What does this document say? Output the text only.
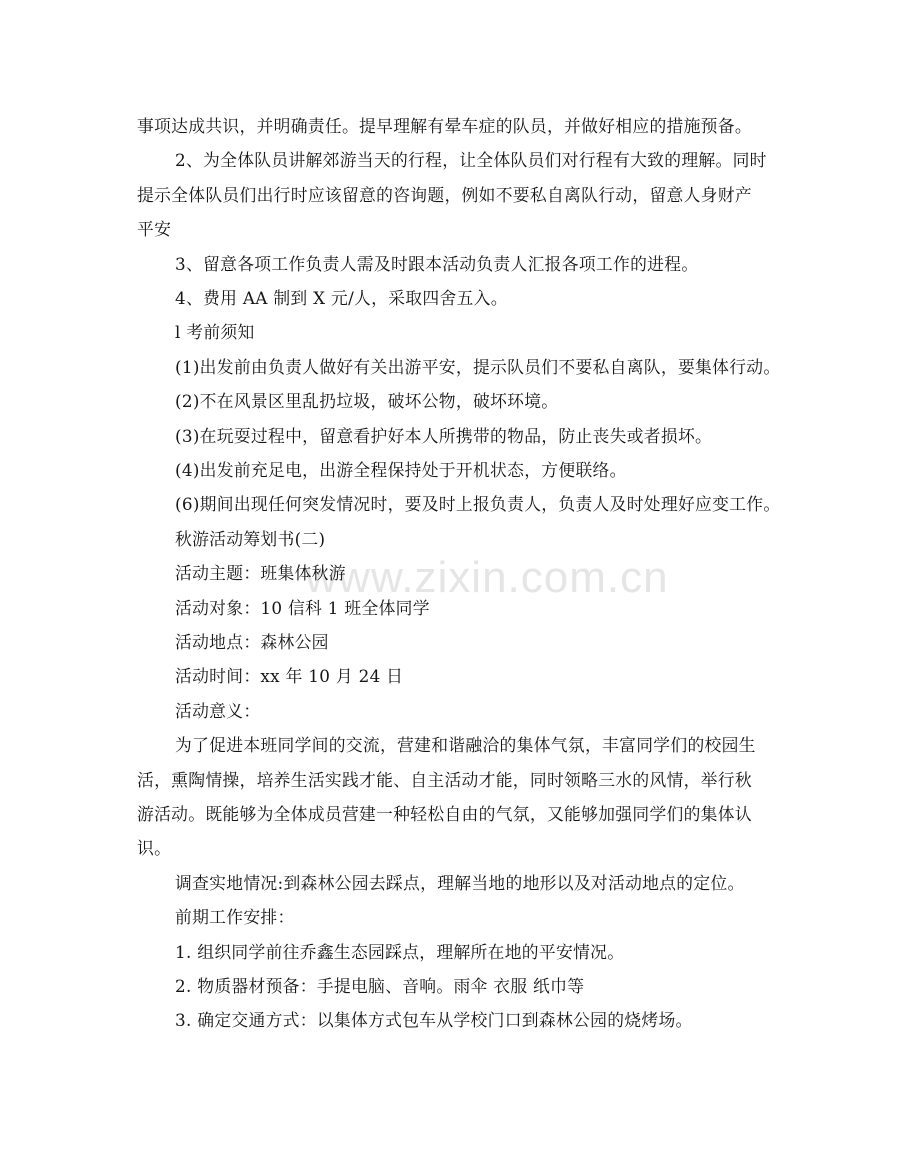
www.zixin.com.cn
事项达成共识，并明确责任。提早理解有晕车症的队员，并做好相应的措施预备。
2、为全体队员讲解郊游当天的行程，让全体队员们对行程有大致的理解。同时
提示全体队员们出行时应该留意的咨询题，例如不要私自离队行动，留意人身财产
平安
3、留意各项工作负责人需及时跟本活动负责人汇报各项工作的进程。
4、费用 AA 制到 X 元/人，采取四舍五入。
l 考前须知
(1)出发前由负责人做好有关出游平安，提示队员们不要私自离队，要集体行动。
(2)不在风景区里乱扔垃圾，破坏公物，破坏环境。
(3)在玩耍过程中，留意看护好本人所携带的物品，防止丧失或者损坏。
(4)出发前充足电，出游全程保持处于开机状态，方便联络。
(6)期间出现任何突发情况时，要及时上报负责人，负责人及时处理好应变工作。
秋游活动筹划书(二)
活动主题：班集体秋游
活动对象：10 信科 1 班全体同学
活动地点：森林公园
活动时间：xx 年 10 月 24 日
活动意义：
为了促进本班同学间的交流，营建和谐融洽的集体气氛，丰富同学们的校园生
活，熏陶情操，培养生活实践才能、自主活动才能，同时领略三水的风情，举行秋
游活动。既能够为全体成员营建一种轻松自由的气氛，又能够加强同学们的集体认
识。
调查实地情况:到森林公园去踩点，理解当地的地形以及对活动地点的定位。
前期工作安排：
1. 组织同学前往乔鑫生态园踩点，理解所在地的平安情况。
2. 物质器材预备：手提电脑、音响。雨伞 衣服 纸巾等
3. 确定交通方式：以集体方式包车从学校门口到森林公园的烧烤场。
